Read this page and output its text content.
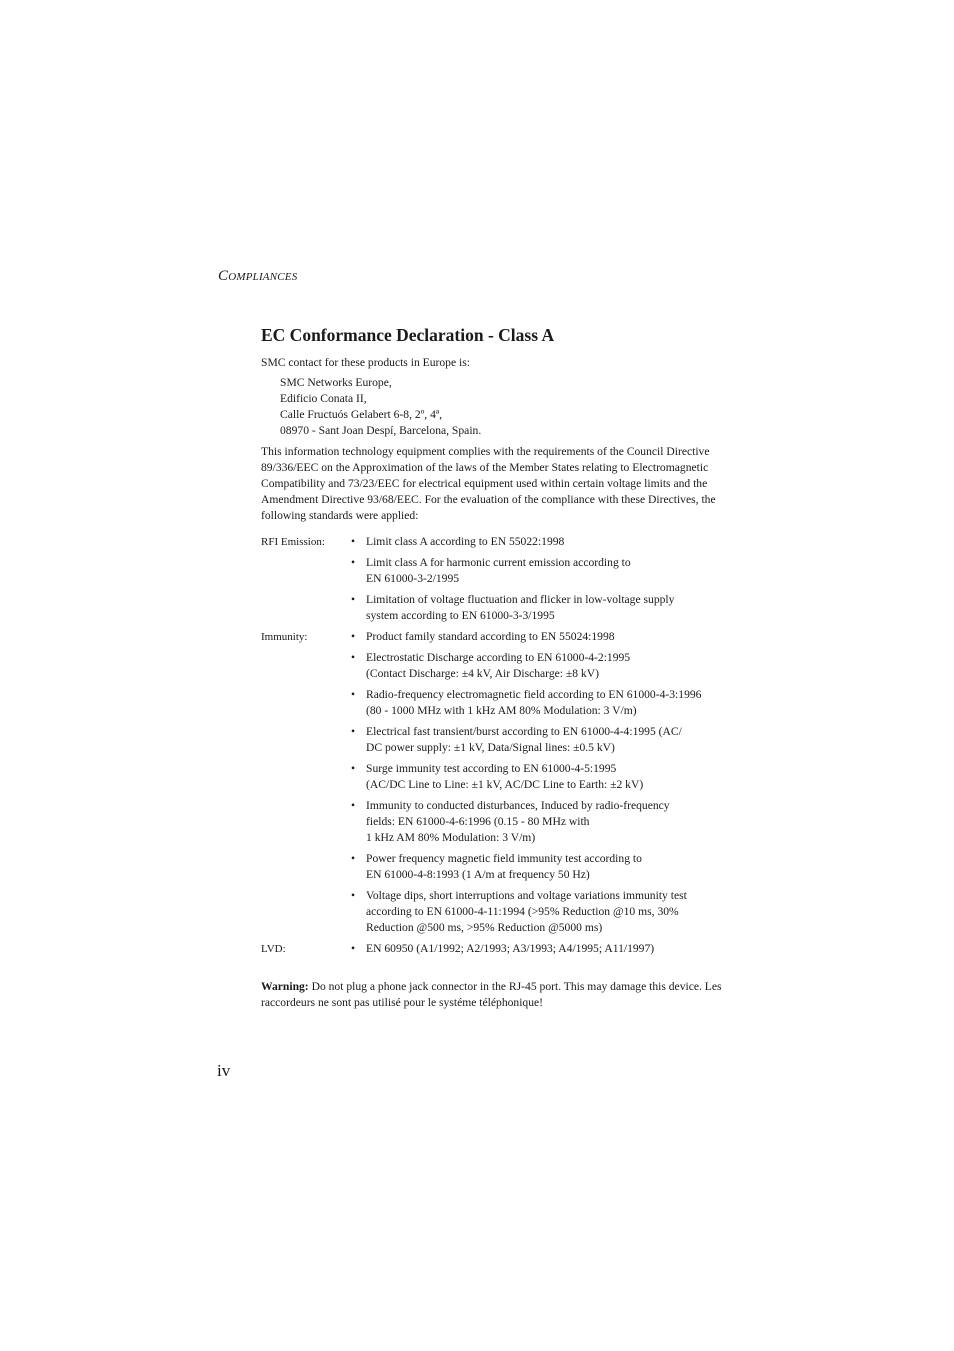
Compliances
EC Conformance Declaration - Class A

SMC contact for these products in Europe is:

SMC Networks Europe,
Edificio Conata II,
Calle Fructuós Gelabert 6-8, 2º, 4ª,
08970 - Sant Joan Despí, Barcelona, Spain.

This information technology equipment complies with the requirements of the Council Directive 89/336/EEC on the Approximation of the laws of the Member States relating to Electromagnetic Compatibility and 73/23/EEC for electrical equipment used within certain voltage limits and the Amendment Directive 93/68/EEC. For the evaluation of the compliance with these Directives, the following standards were applied:

RFI Emission:	• Limit class A according to EN 55022:1998
• Limit class A for harmonic current emission according to
EN 61000-3-2/1995
• Limitation of voltage fluctuation and flicker in low-voltage supply
system according to EN 61000-3-3/1995
Immunity:	• Product family standard according to EN 55024:1998
• Electrostatic Discharge according to EN 61000-4-2:1995
(Contact Discharge: ±4 kV, Air Discharge: ±8 kV)
• Radio-frequency electromagnetic field according to EN 61000-4-3:1996
(80 - 1000 MHz with 1 kHz AM 80% Modulation: 3 V/m)
• Electrical fast transient/burst according to EN 61000-4-4:1995 (AC/
DC power supply: ±1 kV, Data/Signal lines: ±0.5 kV)
• Surge immunity test according to EN 61000-4-5:1995
(AC/DC Line to Line: ±1 kV, AC/DC Line to Earth: ±2 kV)
• Immunity to conducted disturbances, Induced by radio-frequency
fields: EN 61000-4-6:1996 (0.15 - 80 MHz with
1 kHz AM 80% Modulation: 3 V/m)
• Power frequency magnetic field immunity test according to
EN 61000-4-8:1993 (1 A/m at frequency 50 Hz)
• Voltage dips, short interruptions and voltage variations immunity test
according to EN 61000-4-11:1994 (>95% Reduction @10 ms, 30%
Reduction @500 ms, >95% Reduction @5000 ms)
LVD:	• EN 60950 (A1/1992; A2/1993; A3/1993; A4/1995; A11/1997)

Warning: Do not plug a phone jack connector in the RJ-45 port. This may damage this device. Les raccordeurs ne sont pas utilisé pour le systéme téléphonique!

iv
